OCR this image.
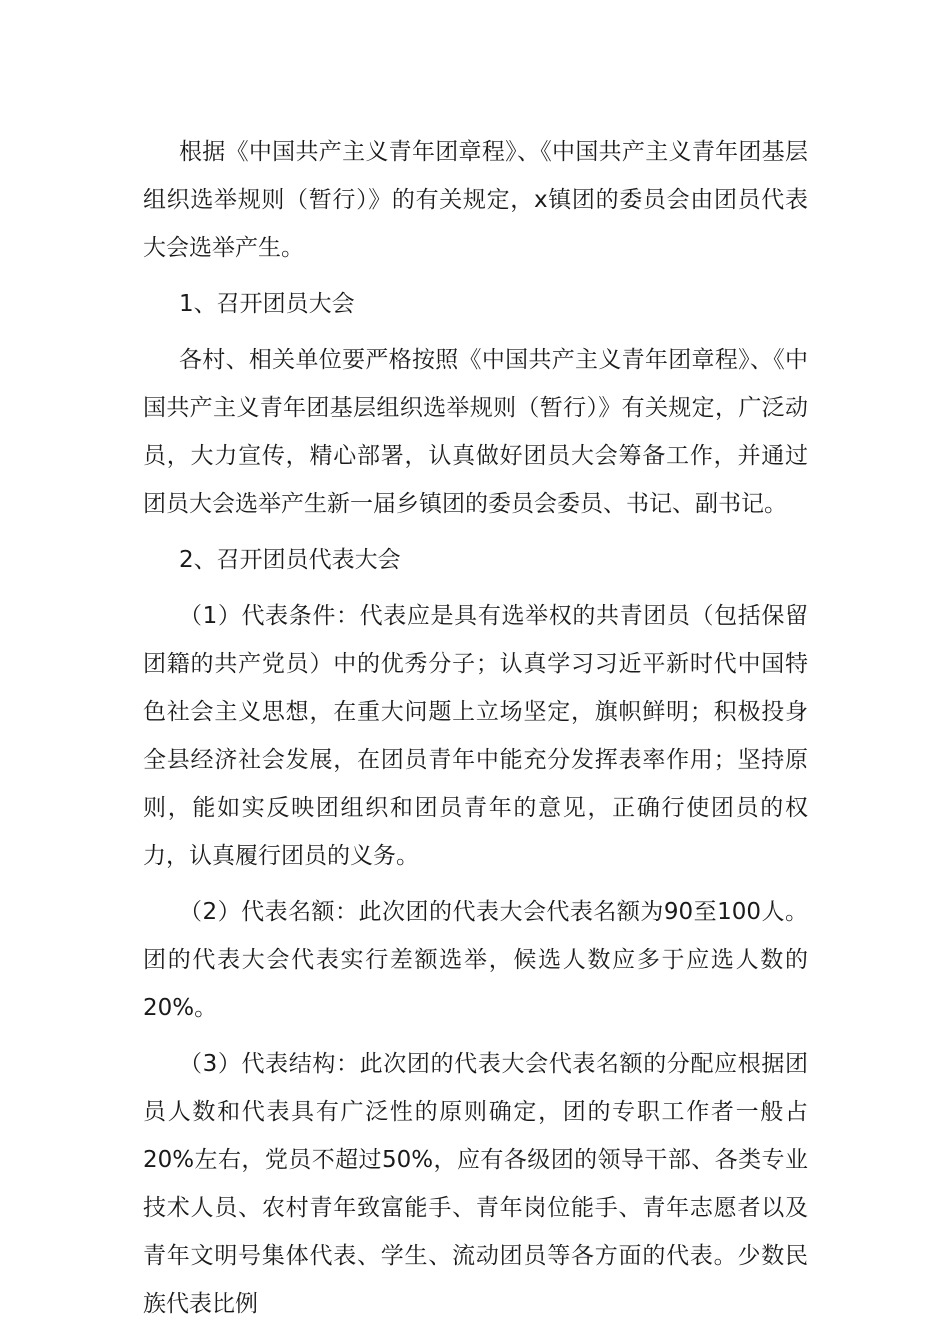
根据《中国共产主义青年团章程》、《中国共产主义青年团基层组织选举规则（暂行）》的有关规定，x镇团的委员会由团员代表大会选举产生。

1、召开团员大会

各村、相关单位要严格按照《中国共产主义青年团章程》、《中国共产主义青年团基层组织选举规则（暂行）》有关规定，广泛动员，大力宣传，精心部署，认真做好团员大会筹备工作，并通过团员大会选举产生新一届乡镇团的委员会委员、书记、副书记。

2、召开团员代表大会

（1）代表条件：代表应是具有选举权的共青团员（包括保留团籍的共产党员）中的优秀分子；认真学习习近平新时代中国特色社会主义思想，在重大问题上立场坚定，旗帜鲜明；积极投身全县经济社会发展，在团员青年中能充分发挥表率作用；坚持原则，能如实反映团组织和团员青年的意见，正确行使团员的权力，认真履行团员的义务。

（2）代表名额：此次团的代表大会代表名额为90至100人。团的代表大会代表实行差额选举，候选人数应多于应选人数的20%。

（3）代表结构：此次团的代表大会代表名额的分配应根据团员人数和代表具有广泛性的原则确定，团的专职工作者一般占20%左右，党员不超过50%，应有各级团的领导干部、各类专业技术人员、农村青年致富能手、青年岗位能手、青年志愿者以及青年文明号集体代表、学生、流动团员等各方面的代表。少数民族代表比例
